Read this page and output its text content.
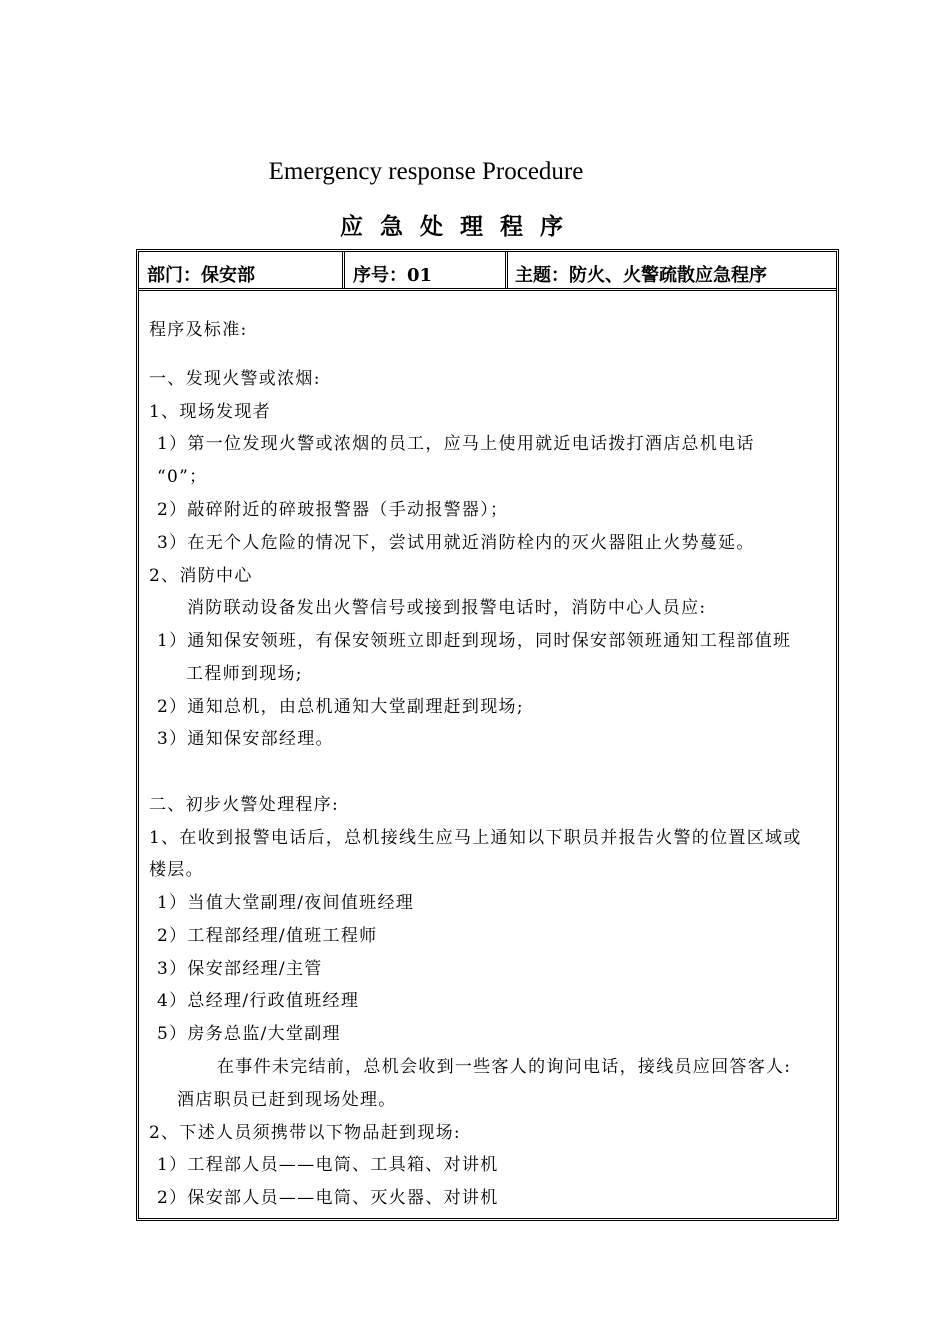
Emergency response Procedure
应急处理程序
部门：保安部	序号：01	主题：防火、火警疏散应急程序
程序及标准:
一、发现火警或浓烟:
1、现场发现者
1）第一位发现火警或浓烟的员工，应马上使用就近电话拨打酒店总机电话
“0”；
2）敲碎附近的碎玻报警器（手动报警器）；
3）在无个人危险的情况下，尝试用就近消防栓内的灭火器阻止火势蔓延。
2、消防中心
消防联动设备发出火警信号或接到报警电话时，消防中心人员应:
1）通知保安领班，有保安领班立即赶到现场，同时保安部领班通知工程部值班
工程师到现场;
2）通知总机，由总机通知大堂副理赶到现场;
3）通知保安部经理。
二、初步火警处理程序:
1、在收到报警电话后，总机接线生应马上通知以下职员并报告火警的位置区域或
楼层。
1）当值大堂副理/夜间值班经理
2）工程部经理/值班工程师
3）保安部经理/主管
4）总经理/行政值班经理
5）房务总监/大堂副理
在事件未完结前，总机会收到一些客人的询问电话，接线员应回答客人:
酒店职员已赶到现场处理。
2、下述人员须携带以下物品赶到现场:
1）工程部人员——电筒、工具箱、对讲机
2）保安部人员——电筒、灭火器、对讲机
